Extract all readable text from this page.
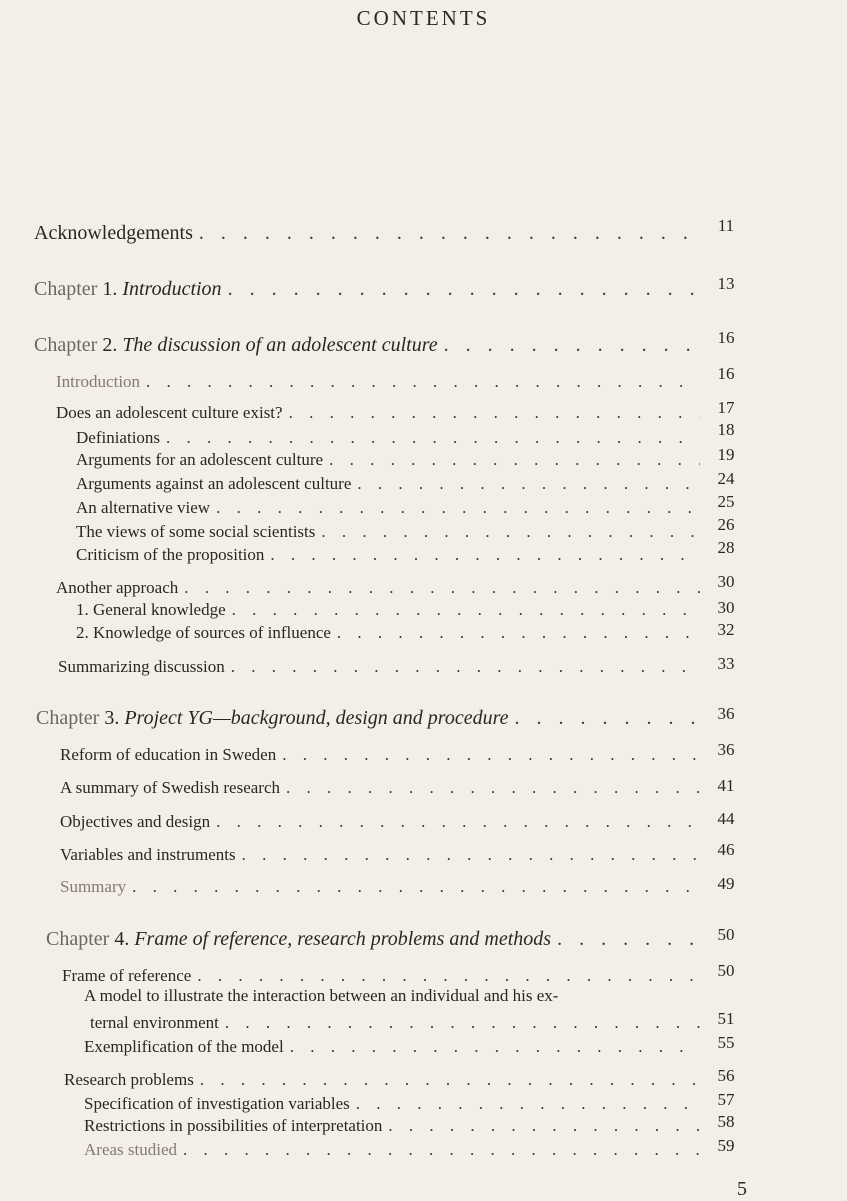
CONTENTS
Acknowledgements . . .	11
Chapter 1. Introduction . . .	13
Chapter 2. The discussion of an adolescent culture . . .	16
Introduction . . .	16
Does an adolescent culture exist? . . .	17
Definiations . . .	18
Arguments for an adolescent culture . . .	19
Arguments against an adolescent culture . . .	24
An alternative view . . .	25
The views of some social scientists . . .	26
Criticism of the proposition . . .	28
Another approach . . .	30
1. General knowledge . . .	30
2. Knowledge of sources of influence . . .	32
Summarizing discussion . . .	33
Chapter 3. Project YG—background, design and procedure . . .	36
Reform of education in Sweden . . .	36
A summary of Swedish research . . .	41
Objectives and design . . .	44
Variables and instruments . . .	46
Summary . . .	49
Chapter 4. Frame of reference, research problems and methods . . .	50
Frame of reference . . .	50
A model to illustrate the interaction between an individual and his ex-
ternal environment . . .	51
Exemplification of the model . . .	55
Research problems . . .	56
Specification of investigation variables . . .	57
Restrictions in possibilities of interpretation . . .	58
Areas studied . . .	59
5
